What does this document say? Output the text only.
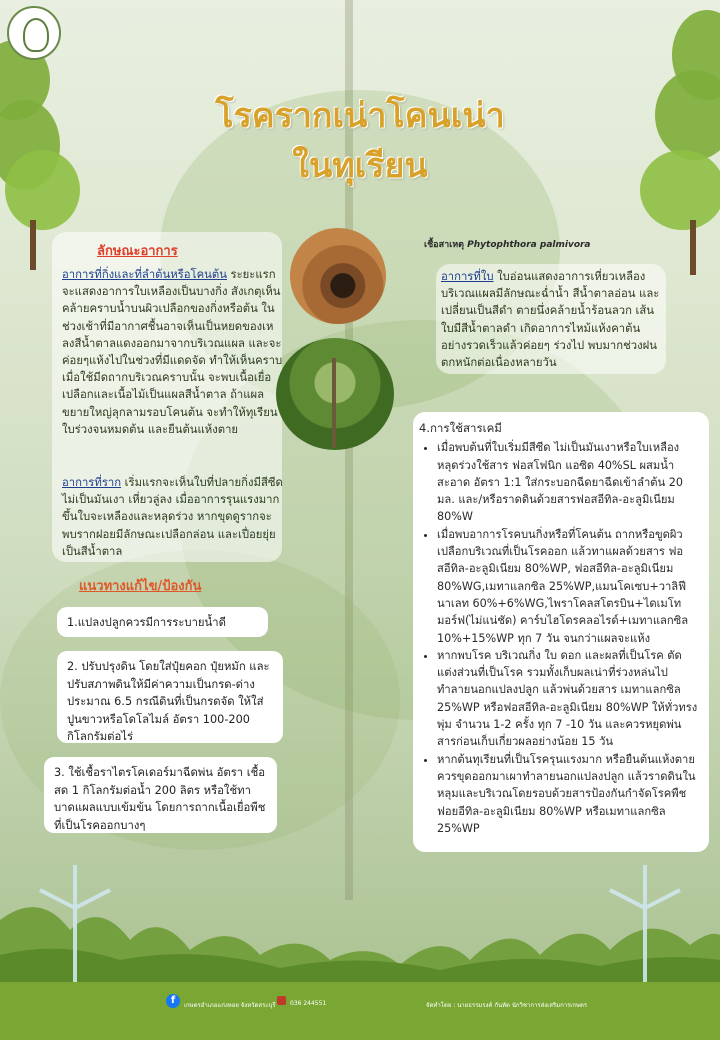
โรครากเน่าโคนเน่า
ในทุเรียน
ลักษณะอาการ
อาการที่กิ่งและที่ลำต้นหรือโคนต้น ระยะแรกจะแสดงอาการใบเหลืองเป็นบางกิ่ง สังเกตุเห็นคล้ายคราบน้ำบนผิวเปลือกของกิ่งหรือต้น ในช่วงเช้าที่มีอากาศชื้นอาจเห็นเป็นหยดของเหลงสีน้ำตาลแดงออกมาจากบริเวณแผล และจะค่อยๆแห้งไปในช่วงที่มีแดดจัด ทำให้เห็นคราบ เมื่อใช้มีดถากบริเวณคราบนั้น จะพบเนื้อเยื่อเปลือกและเนื้อไม้เป็นแผลสีน้ำตาล ถ้าแผลขยายใหญ่ลุกลามรอบโคนต้น จะทำให้ทุเรียนใบร่วงจนหมดต้น และยืนต้นแห้งตาย
อาการที่ราก เริ่มแรกจะเห็นใบที่ปลายกิ่งมีสีซีดไม่เป็นมันเงา เหี่ยวลู่ลง เมื่ออาการรุนแรงมากขึ้นใบจะเหลืองและหลุดร่วง หากขุดดูรากจะพบรากฝอยมีลักษณะเปลือกล่อน และเปื่อยยุ่ยเป็นสีน้ำตาล
เชื้อสาเหตุ Phytophthora palmivora
อาการที่ใบ ใบอ่อนแสดงอาการเหี่ยวเหลือง บริเวณแผลมีลักษณะฉ่ำน้ำ สีน้ำตาลอ่อน และเปลี่ยนเป็นสีดำ ตายนึ่งคล้ายน้ำร้อนลวก เส้นใบมีสีน้ำตาลดำ เกิดอาการไหม้แห้งคาต้น อย่างรวดเร็วแล้วค่อยๆ ร่วงไป พบมากช่วงฝนตกหนักต่อเนื่องหลายวัน
แนวทางแก้ไข/ป้องกัน
1.แปลงปลูกควรมีการระบายน้ำดี
2. ปรับปรุงดิน โดยใส่ปุ๋ยคอก ปุ๋ยหมัก และปรับสภาพดินให้มีค่าความเป็นกรด-ด่าง ประมาณ 6.5 กรณีดินที่เป็นกรดจัด ให้ใส่ปูนขาวหรือโดโลไมล์ อัตรา 100-200 กิโลกรัมต่อไร่
3. ใช้เชื้อราไตรโคเดอร์มาฉีดพ่น อัตรา เชื้อสด 1 กิโลกรัมต่อน้ำ 200 ลิตร หรือใช้ทาบาดแผลแบบเข้มข้น โดยการถากเนื้อเยื่อพืชที่เป็นโรคออกบางๆ
4.การใช้สารเคมี
• เมื่อพบต้นที่ใบเริ่มมีสีซีด ไม่เป็นมันเงาหรือใบเหลืองหลุดร่วงใช้สาร ฟอสโฟนิก แอซิด 40%SL ผสมน้ำสะอาด อัตรา 1:1 ใส่กระบอกฉีดยาฉีดเข้าลำต้น 20 มล. และ/หรือราดดินด้วยสารฟอสอีทิล-อะลูมิเนียม 80%W
• เมื่อพบอาการโรคบนกิ่งหรือที่โคนต้น ถากหรือขูดผิวเปลือกบริเวณที่เป็นโรคออก แล้วทาแผลด้วยสาร ฟอสอีทิล-อะลูมิเนียม 80%WP, ฟอสอีทิล-อะลูมิเนียม 80%WG,เมทาแลกซิล 25%WP,แมนโคเซบ+วาลิฟีนาเลท 60%+6%WG,ไพราโคลสโตรบิน+ไดเมโทมอร์ฟ(ไม่แน่ชัด) คาร์บไฮโดรคลอไรด์+เมทาแลกซิล 10%+15%WP ทุก 7 วัน จนกว่าแผลจะแห้ง
• หากพบโรค บริเวณกิ่ง ใบ ดอก และผลที่เป็นโรค ตัดแต่งส่วนที่เป็นโรค รวมทั้งเก็บผลเน่าที่ร่วงหล่นไปทำลายนอกแปลงปลูก แล้วพ่นด้วยสาร เมทาแลกซิล 25%WP หรือฟอสอีทิล-อะลูมิเนียม 80%WP ให้ทั่วทรงพุ่ม จำนวน 1-2 ครั้ง ทุก 7 -10 วัน และควรหยุดพ่นสารก่อนเก็บเกี่ยวผลอย่างน้อย 15 วัน
• หากต้นทุเรียนที่เป็นโรครุนแรงมาก หรือยืนต้นแห้งตาย ควรขุดออกมาเผาทำลายนอกแปลงปลูก แล้วราดดินในหลุมและบริเวณโดยรอบด้วยสารป้องกันกำจัดโรคพืช ฟอยอีทิล-อะลูมิเนียม 80%WP หรือเมทาแลกซิล 25%WP
f	เกษตรอำเภอแก่งหอย จังหวัดสระบุรี 036 244551	จัดทำโดย : นายธรรมรงค์ กันทัต นักวิชาการส่งเสริมการเกษตร
